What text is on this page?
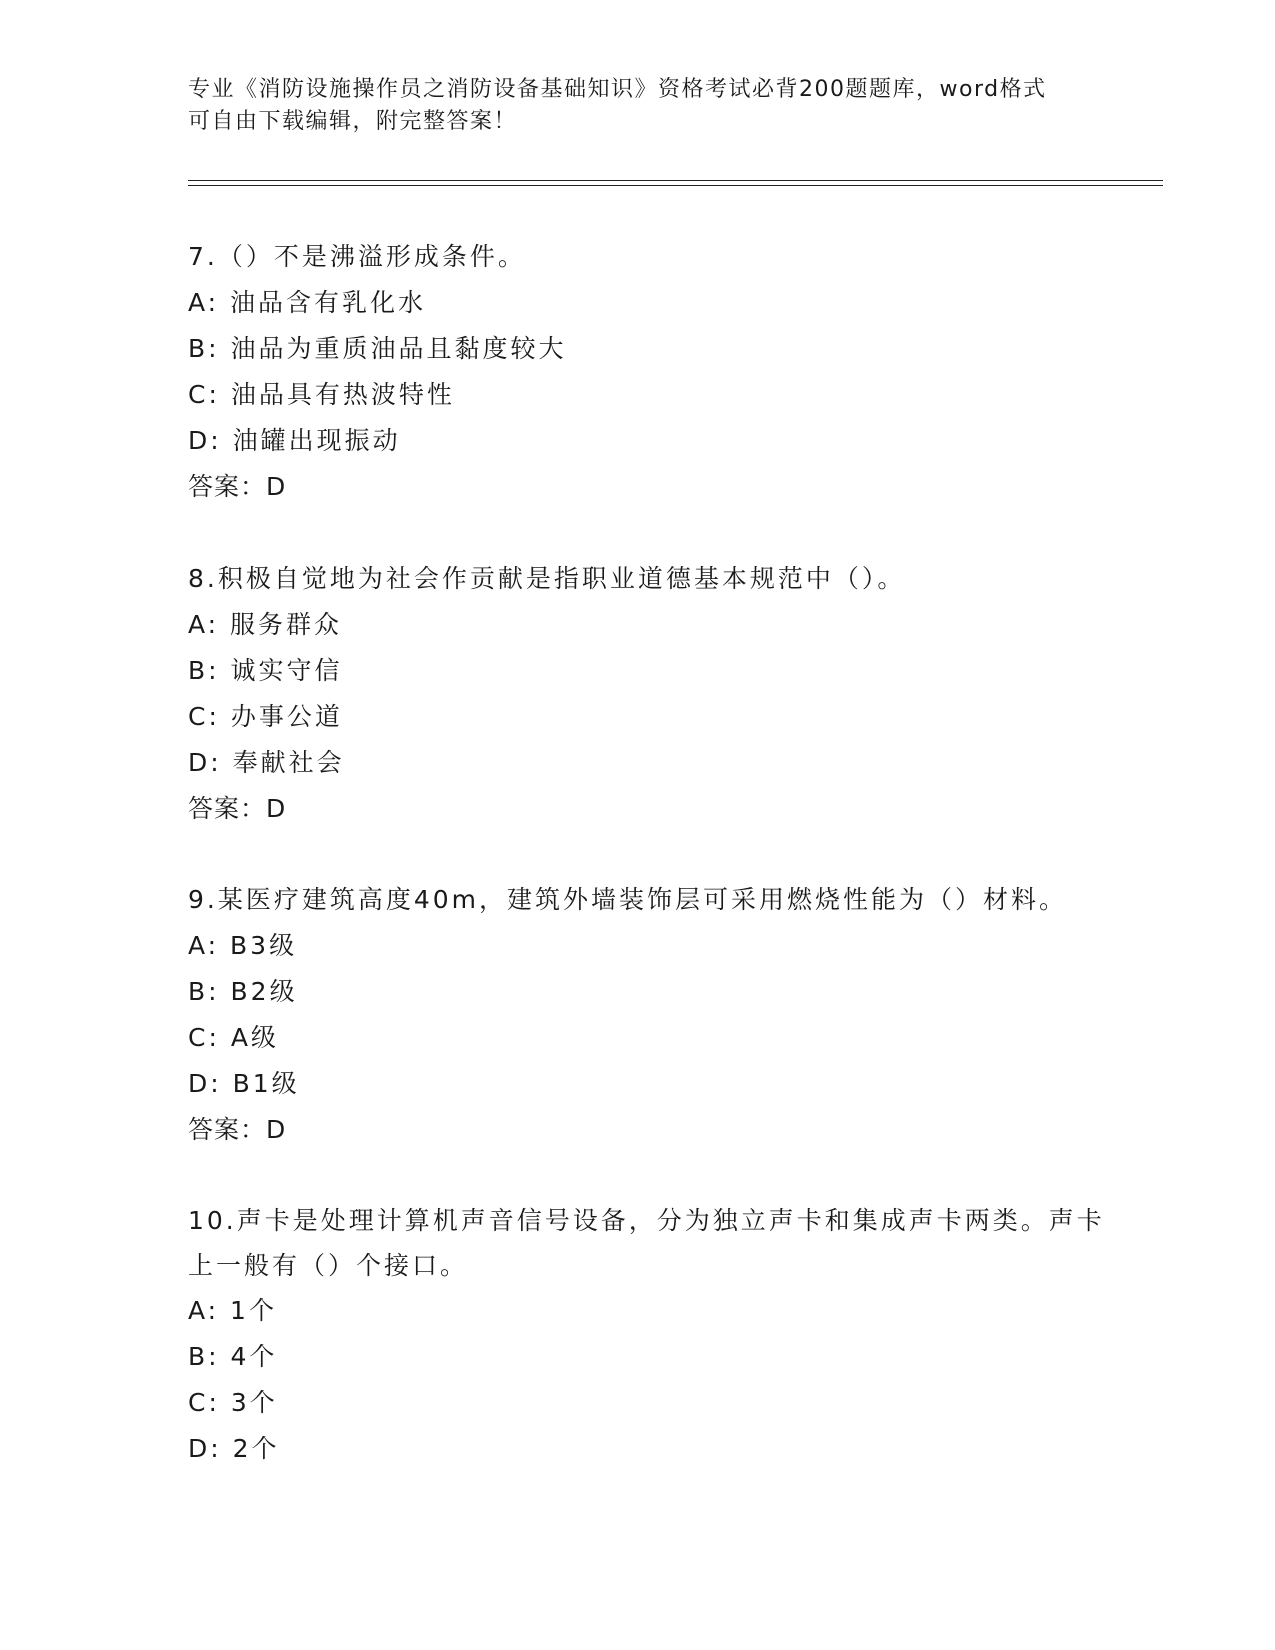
专业《消防设施操作员之消防设备基础知识》资格考试必背200题题库，word格式可自由下载编辑，附完整答案！
7.（）不是沸溢形成条件。
A: 油品含有乳化水
B: 油品为重质油品且黏度较大
C: 油品具有热波特性
D: 油罐出现振动
答案：D
8.积极自觉地为社会作贡献是指职业道德基本规范中（）。
A: 服务群众
B: 诚实守信
C: 办事公道
D: 奉献社会
答案：D
9.某医疗建筑高度40m，建筑外墙装饰层可采用燃烧性能为（）材料。
A: B3级
B: B2级
C: A级
D: B1级
答案：D
10.声卡是处理计算机声音信号设备，分为独立声卡和集成声卡两类。声卡上一般有（）个接口。
A: 1个
B: 4个
C: 3个
D: 2个
